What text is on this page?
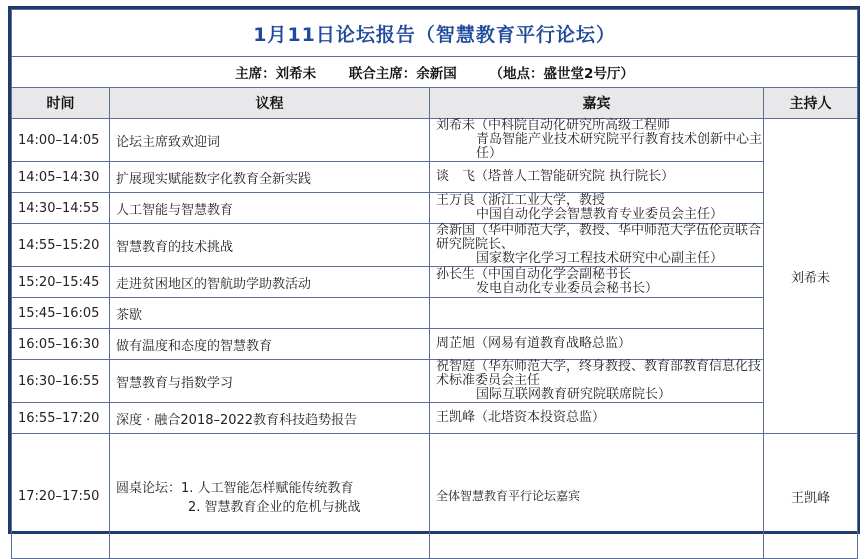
1月11日论坛报告（智慧教育平行论坛）			
主席：刘希未 联合主席：余新国 （地点：盛世堂2号厅）			
时间	议程	嘉宾	主持人
14:00–14:05	论坛主席致欢迎词	刘希未（中科院自动化研究所高级工程师
青岛智能产业技术研究院平行教育技术创新中心主任）	刘希未
14:05–14:30	扩展现实赋能数字化教育全新实践	谈　飞（塔普人工智能研究院 执行院长）	
14:30–14:55	人工智能与智慧教育	王万良（浙江工业大学，教授
中国自动化学会智慧教育专业委员会主任）	

14:55–15:20	智慧教育的技术挑战	余新国（华中师范大学，教授、华中师范大学伍伦贡联合研究院院长、
国家数字化学习工程技术研究中心副主任）	

15:20–15:45	走进贫困地区的智航助学助教活动	孙长生（中国自动化学会副秘书长
发电自动化专业委员会秘书长）	

15:45–16:05	茶歇		
16:05–16:30	做有温度和态度的智慧教育	周芷旭（网易有道教育战略总监）	
16:30–16:55	智慧教育与指数学习	祝智庭（华东师范大学，终身教授、教育部教育信息化技术标准委员会主任
国际互联网教育研究院联席院长）	

16:55–17:20	深度 · 融合2018–2022教育科技趋势报告	王凯峰（北塔资本投资总监）	
17:20–17:50	圆桌论坛：1. 人工智能怎样赋能传统教育
2. 智慧教育企业的危机与挑战	全体智慧教育平行论坛嘉宾	王凯峰
